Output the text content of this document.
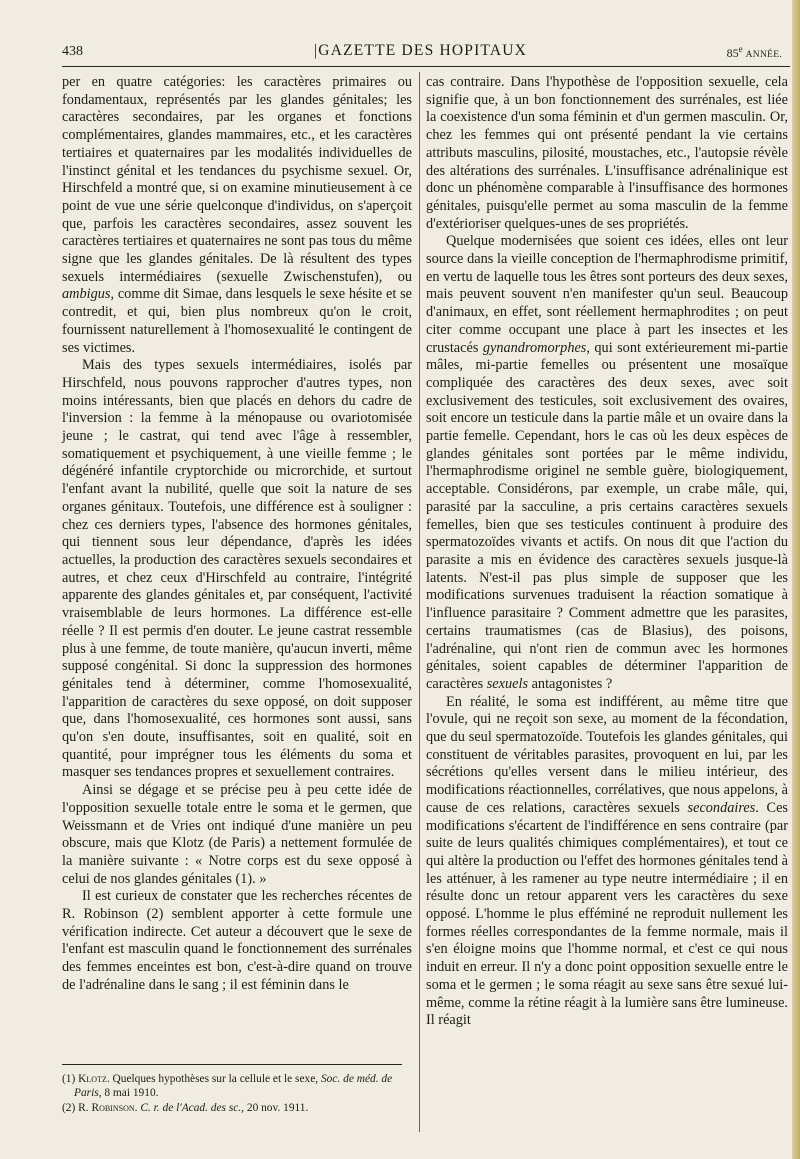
438	|GAZETTE DES HOPITAUX	85e ANNÉE.

per en quatre catégories: les caractères primaires ou fondamentaux, représentés par les glandes génitales; les caractères secondaires, par les organes et fonctions complémentaires, glandes mammaires, etc., et les caractères tertiaires et quaternaires par les modalités individuelles de l'instinct génital et les tendances du psychisme sexuel. Or, Hirschfeld a montré que, si on examine minutieusement à ce point de vue une série quelconque d'individus, on s'aperçoit que, parfois les caractères secondaires, assez souvent les caractères tertiaires et quaternaires ne sont pas tous du même signe que les glandes génitales. De là résultent des types sexuels intermédiaires (sexuelle Zwischenstufen), ou ambigus, comme dit Simae, dans lesquels le sexe hésite et se contredit, et qui, bien plus nombreux qu'on le croit, fournissent naturellement à l'homosexualité le contingent de ses victimes.

Mais des types sexuels intermédiaires, isolés par Hirschfeld, nous pouvons rapprocher d'autres types, non moins intéressants, bien que placés en dehors du cadre de l'inversion : la femme à la ménopause ou ovariotomisée jeune ; le castrat, qui tend avec l'âge à ressembler, somatiquement et psychiquement, à une vieille femme ; le dégénéré infantile cryptorchide ou microrchide, et surtout l'enfant avant la nubilité, quelle que soit la nature de ses organes génitaux. Toutefois, une différence est à souligner : chez ces derniers types, l'absence des hormones génitales, qui tiennent sous leur dépendance, d'après les idées actuelles, la production des caractères sexuels secondaires et autres, et chez ceux d'Hirschfeld au contraire, l'intégrité apparente des glandes génitales et, par conséquent, l'activité vraisemblable de leurs hormones. La différence est-elle réelle ? Il est permis d'en douter. Le jeune castrat ressemble plus à une femme, de toute manière, qu'aucun inverti, même supposé congénital. Si donc la suppression des hormones génitales tend à déterminer, comme l'homosexualité, l'apparition de caractères du sexe opposé, on doit supposer que, dans l'homosexualité, ces hormones sont aussi, sans qu'on s'en doute, insuffisantes, soit en qualité, soit en quantité, pour imprégner tous les éléments du soma et masquer ses tendances propres et sexuellement contraires.

Ainsi se dégage et se précise peu à peu cette idée de l'opposition sexuelle totale entre le soma et le germen, que Weissmann et de Vries ont indiqué d'une manière un peu obscure, mais que Klotz (de Paris) a nettement formulée de la manière suivante : « Notre corps est du sexe opposé à celui de nos glandes génitales (1). »

Il est curieux de constater que les recherches récentes de R. Robinson (2) semblent apporter à cette formule une vérification indirecte. Cet auteur a découvert que le sexe de l'enfant est masculin quand le fonctionnement des surrénales des femmes enceintes est bon, c'est-à-dire quand on trouve de l'adrénaline dans le sang ; il est féminin dans le

(1) Klotz. Quelques hypothèses sur la cellule et le sexe, Soc. de méd. de Paris, 8 mai 1910.

(2) R. Robinson. C. r. de l'Acad. des sc., 20 nov. 1911.

cas contraire. Dans l'hypothèse de l'opposition sexuelle, cela signifie que, à un bon fonctionnement des surrénales, est liée la coexistence d'un soma féminin et d'un germen masculin. Or, chez les femmes qui ont présenté pendant la vie certains attributs masculins, pilosité, moustaches, etc., l'autopsie révèle des altérations des surrénales. L'insuffisance adrénalinique est donc un phénomène comparable à l'insuffisance des hormones génitales, puisqu'elle permet au soma masculin de la femme d'extérioriser quelques-unes de ses propriétés.

Quelque modernisées que soient ces idées, elles ont leur source dans la vieille conception de l'hermaphrodisme primitif, en vertu de laquelle tous les êtres sont porteurs des deux sexes, mais peuvent souvent n'en manifester qu'un seul. Beaucoup d'animaux, en effet, sont réellement hermaphrodites ; on peut citer comme occupant une place à part les insectes et les crustacés gynandromorphes, qui sont extérieurement mi-partie mâles, mi-partie femelles ou présentent une mosaïque compliquée des caractères des deux sexes, avec soit exclusivement des testicules, soit exclusivement des ovaires, soit encore un testicule dans la partie mâle et un ovaire dans la partie femelle. Cependant, hors le cas où les deux espèces de glandes génitales sont portées par le même individu, l'hermaphrodisme originel ne semble guère, biologiquement, acceptable. Considérons, par exemple, un crabe mâle, qui, parasité par la sacculine, a pris certains caractères sexuels femelles, bien que ses testicules continuent à produire des spermatozoïdes vivants et actifs. On nous dit que l'action du parasite a mis en évidence des caractères sexuels jusque-là latents. N'est-il pas plus simple de supposer que les modifications survenues traduisent la réaction somatique à l'influence parasitaire ? Comment admettre que les parasites, certains traumatismes (cas de Blasius), des poisons, l'adrénaline, qui n'ont rien de commun avec les hormones génitales, soient capables de déterminer l'apparition de caractères sexuels antagonistes ?

En réalité, le soma est indifférent, au même titre que l'ovule, qui ne reçoit son sexe, au moment de la fécondation, que du seul spermatozoïde. Toutefois les glandes génitales, qui constituent de véritables parasites, provoquent en lui, par les sécrétions qu'elles versent dans le milieu intérieur, des modifications réactionnelles, corrélatives, que nous appelons, à cause de ces relations, caractères sexuels secondaires. Ces modifications s'écartent de l'indifférence en sens contraire (par suite de leurs qualités chimiques complémentaires), et tout ce qui altère la production ou l'effet des hormones génitales tend à les atténuer, à les ramener au type neutre intermédiaire ; il en résulte donc un retour apparent vers les caractères du sexe opposé. L'homme le plus efféminé ne reproduit nullement les formes réelles correspondantes de la femme normale, mais il s'en éloigne moins que l'homme normal, et c'est ce qui nous induit en erreur. Il n'y a donc point opposition sexuelle entre le soma et le germen ; le soma réagit au sexe sans être sexué lui-même, comme la rétine réagit à la lumière sans être lumineuse. Il réagit
